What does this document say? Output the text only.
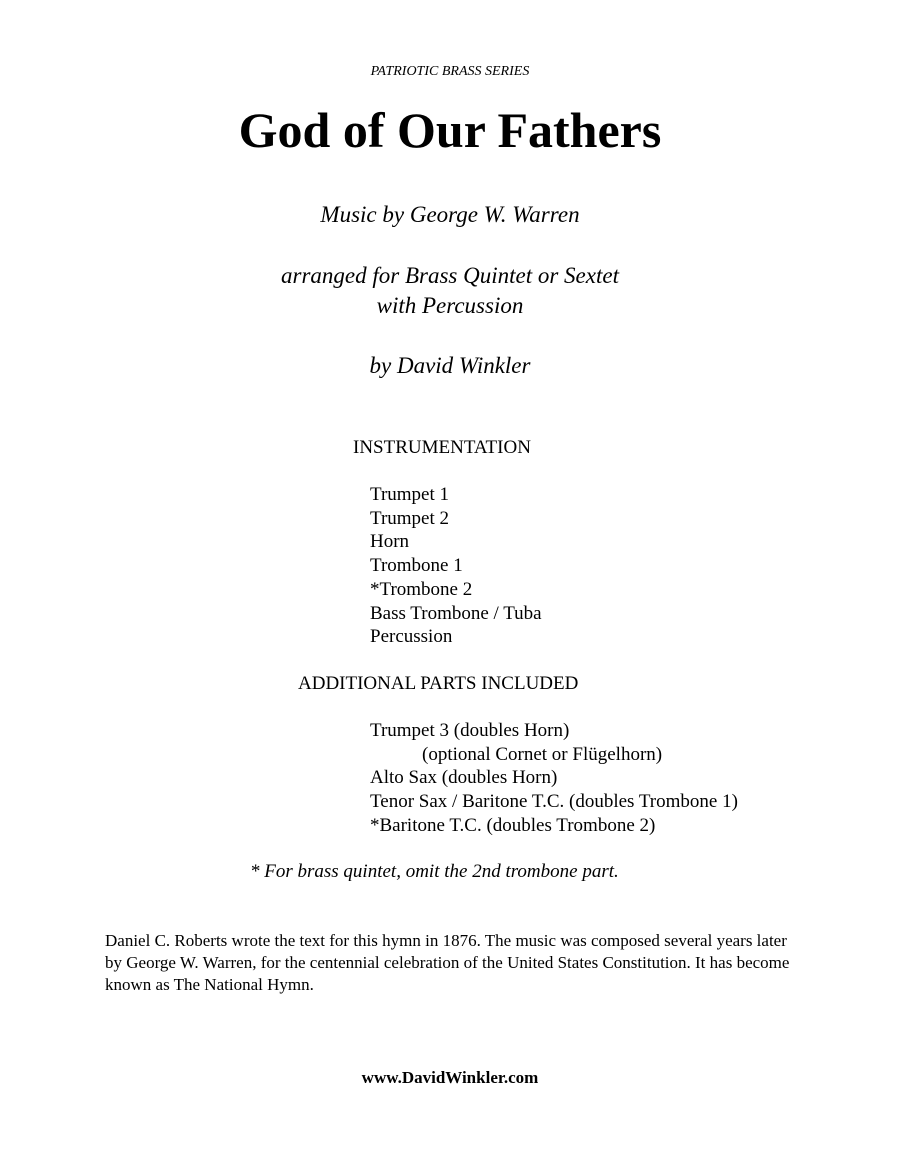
PATRIOTIC BRASS SERIES
God of Our Fathers
Music by George W. Warren
arranged for Brass Quintet or Sextet
with Percussion
by David Winkler
INSTRUMENTATION
Trumpet 1
Trumpet 2
Horn
Trombone 1
*Trombone 2
Bass Trombone / Tuba
Percussion
ADDITIONAL PARTS INCLUDED
Trumpet 3 (doubles Horn)
(optional Cornet or Flügelhorn)
Alto Sax (doubles Horn)
Tenor Sax / Baritone T.C. (doubles Trombone 1)
*Baritone T.C. (doubles Trombone 2)
* For brass quintet, omit the 2nd trombone part.
Daniel C. Roberts wrote the text for this hymn in 1876. The music was composed several years later by George W. Warren, for the centennial celebration of the United States Constitution. It has become known as The National Hymn.
www.DavidWinkler.com
